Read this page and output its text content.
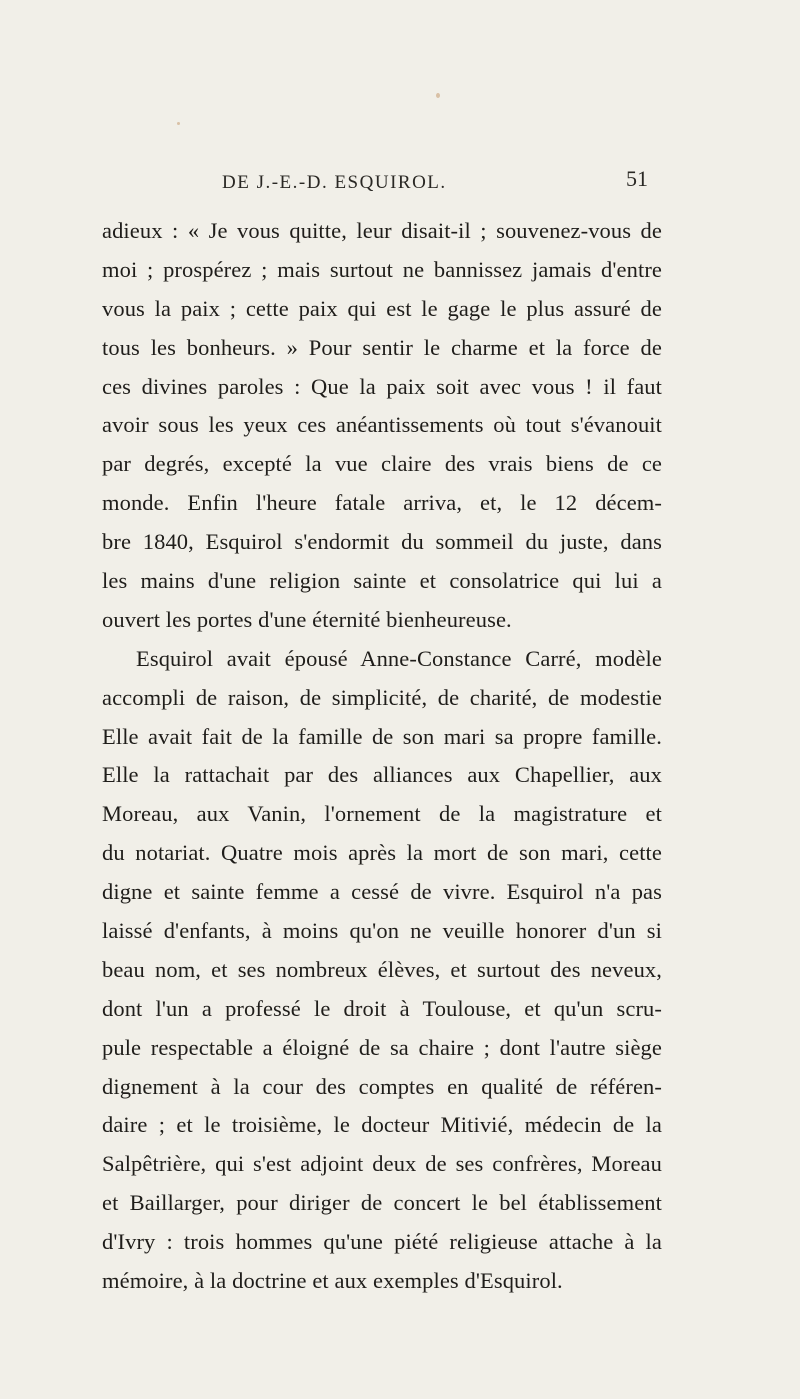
DE J.-E.-D. ESQUIROL.	51
adieux : « Je vous quitte, leur disait-il ; souvenez-vous de
moi ; prospérez ; mais surtout ne bannissez jamais d'entre
vous la paix ; cette paix qui est le gage le plus assuré de
tous les bonheurs. » Pour sentir le charme et la force de
ces divines paroles : Que la paix soit avec vous ! il faut
avoir sous les yeux ces anéantissements où tout s'évanouit
par degrés, excepté la vue claire des vrais biens de ce
monde. Enfin l'heure fatale arriva, et, le 12 décem-
bre 1840, Esquirol s'endormit du sommeil du juste, dans
les mains d'une religion sainte et consolatrice qui lui a
ouvert les portes d'une éternité bienheureuse.
Esquirol avait épousé Anne-Constance Carré, modèle
accompli de raison, de simplicité, de charité, de modestie
Elle avait fait de la famille de son mari sa propre famille.
Elle la rattachait par des alliances aux Chapellier, aux
Moreau, aux Vanin, l'ornement de la magistrature et
du notariat. Quatre mois après la mort de son mari, cette
digne et sainte femme a cessé de vivre. Esquirol n'a pas
laissé d'enfants, à moins qu'on ne veuille honorer d'un si
beau nom, et ses nombreux élèves, et surtout des neveux,
dont l'un a professé le droit à Toulouse, et qu'un scru-
pule respectable a éloigné de sa chaire ; dont l'autre siège
dignement à la cour des comptes en qualité de référen-
daire ; et le troisième, le docteur Mitivié, médecin de la
Salpêtrière, qui s'est adjoint deux de ses confrères, Moreau
et Baillarger, pour diriger de concert le bel établissement
d'Ivry : trois hommes qu'une piété religieuse attache à la
mémoire, à la doctrine et aux exemples d'Esquirol.
